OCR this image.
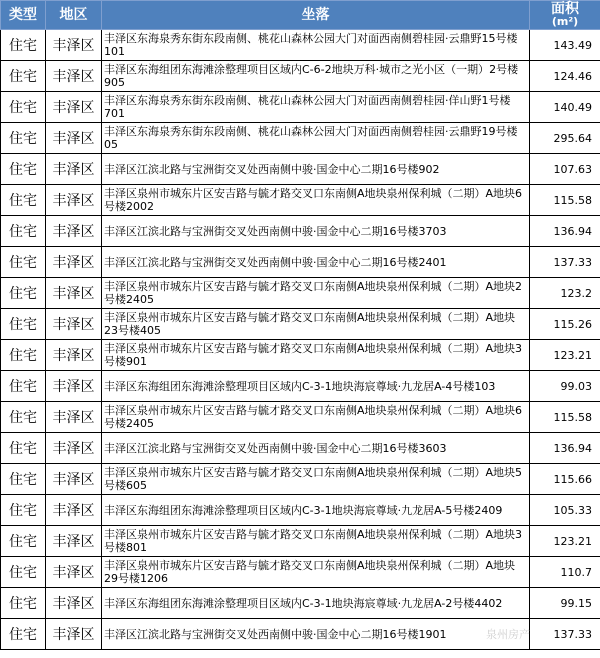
类型	地区	坐落	面积
(m²)

住宅	丰泽区	丰泽区东海泉秀东街东段南侧、桃花山森林公园大门对面西南侧碧桂园·云鼎野15号楼101	143.49
住宅	丰泽区	丰泽区东海组团东海滩涂整理项目区域内C-6-2地块万科·城市之光小区（一期）2号楼905	124.46
住宅	丰泽区	丰泽区东海泉秀东街东段南侧、桃花山森林公园大门对面西南侧碧桂园·佯山野1号楼701	140.49
住宅	丰泽区	丰泽区东海泉秀东街东段南侧、桃花山森林公园大门对面西南侧碧桂园·云鼎野19号楼05	295.64
住宅	丰泽区	丰泽区江滨北路与宝洲街交叉处西南侧中骏·国金中心二期16号楼902	107.63
住宅	丰泽区	丰泽区泉州市城东片区安吉路与毓才路交叉口东南侧A地块泉州保利城（二期）A地块6号楼2002	115.58
住宅	丰泽区	丰泽区江滨北路与宝洲街交叉处西南侧中骏·国金中心二期16号楼3703	136.94
住宅	丰泽区	丰泽区江滨北路与宝洲街交叉处西南侧中骏·国金中心二期16号楼2401	137.33
住宅	丰泽区	丰泽区泉州市城东片区安吉路与毓才路交叉口东南侧A地块泉州保利城（二期）A地块2号楼2405	123.2
住宅	丰泽区	丰泽区泉州市城东片区安吉路与毓才路交叉口东南侧A地块泉州保利城（二期）A地块23号楼405	115.26
住宅	丰泽区	丰泽区泉州市城东片区安吉路与毓才路交叉口东南侧A地块泉州保利城（二期）A地块3号楼901	123.21
住宅	丰泽区	丰泽区东海组团东海滩涂整理项目区域内C-3-1地块海宸尊域·九龙居A-4号楼103	99.03
住宅	丰泽区	丰泽区泉州市城东片区安吉路与毓才路交叉口东南侧A地块泉州保利城（二期）A地块6号楼2405	115.58
住宅	丰泽区	丰泽区江滨北路与宝洲街交叉处西南侧中骏·国金中心二期16号楼3603	136.94
住宅	丰泽区	丰泽区泉州市城东片区安吉路与毓才路交叉口东南侧A地块泉州保利城（二期）A地块5号楼605	115.66
住宅	丰泽区	丰泽区东海组团东海滩涂整理项目区域内C-3-1地块海宸尊域·九龙居A-5号楼2409	105.33
住宅	丰泽区	丰泽区泉州市城东片区安吉路与毓才路交叉口东南侧A地块泉州保利城（二期）A地块3号楼801	123.21
住宅	丰泽区	丰泽区泉州市城东片区安吉路与毓才路交叉口东南侧A地块泉州保利城（二期）A地块29号楼1206	110.7
住宅	丰泽区	丰泽区东海组团东海滩涂整理项目区域内C-3-1地块海宸尊域·九龙居A-2号楼4402	99.15
住宅	丰泽区	丰泽区江滨北路与宝洲街交叉处西南侧中骏·国金中心二期16号楼1901	137.33
泉州房产
